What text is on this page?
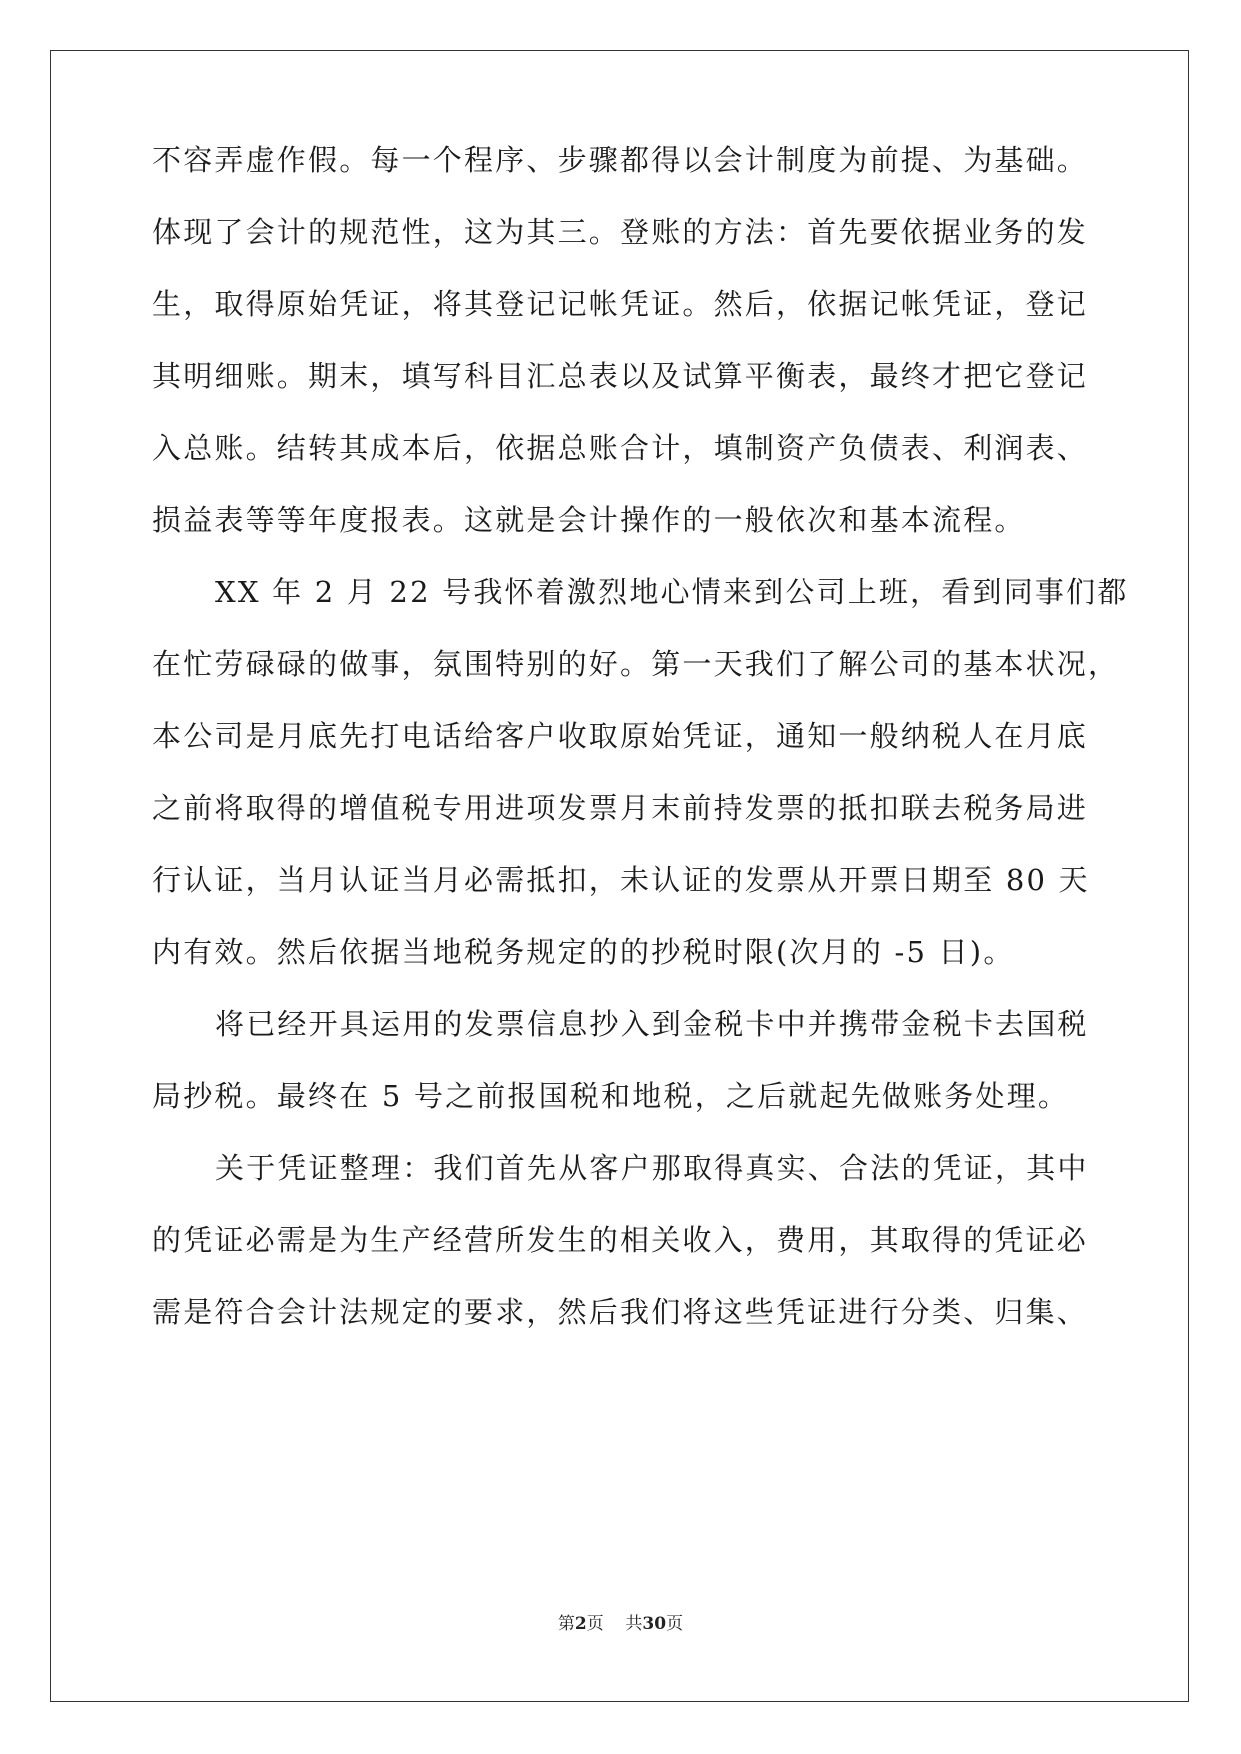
不容弄虚作假。每一个程序、步骤都得以会计制度为前提、为基础。
体现了会计的规范性，这为其三。登账的方法：首先要依据业务的发
生，取得原始凭证，将其登记记帐凭证。然后，依据记帐凭证，登记
其明细账。期末，填写科目汇总表以及试算平衡表，最终才把它登记
入总账。结转其成本后，依据总账合计，填制资产负债表、利润表、
损益表等等年度报表。这就是会计操作的一般依次和基本流程。
XX 年 2 月 22 号我怀着激烈地心情来到公司上班，看到同事们都
在忙劳碌碌的做事，氛围特别的好。第一天我们了解公司的基本状况，
本公司是月底先打电话给客户收取原始凭证，通知一般纳税人在月底
之前将取得的增值税专用进项发票月末前持发票的抵扣联去税务局进
行认证，当月认证当月必需抵扣，未认证的发票从开票日期至 80 天
内有效。然后依据当地税务规定的的抄税时限(次月的 -5 日)。
将已经开具运用的发票信息抄入到金税卡中并携带金税卡去国税
局抄税。最终在 5 号之前报国税和地税，之后就起先做账务处理。
关于凭证整理：我们首先从客户那取得真实、合法的凭证，其中
的凭证必需是为生产经营所发生的相关收入，费用，其取得的凭证必
需是符合会计法规定的要求，然后我们将这些凭证进行分类、归集、
第2页 共30页
